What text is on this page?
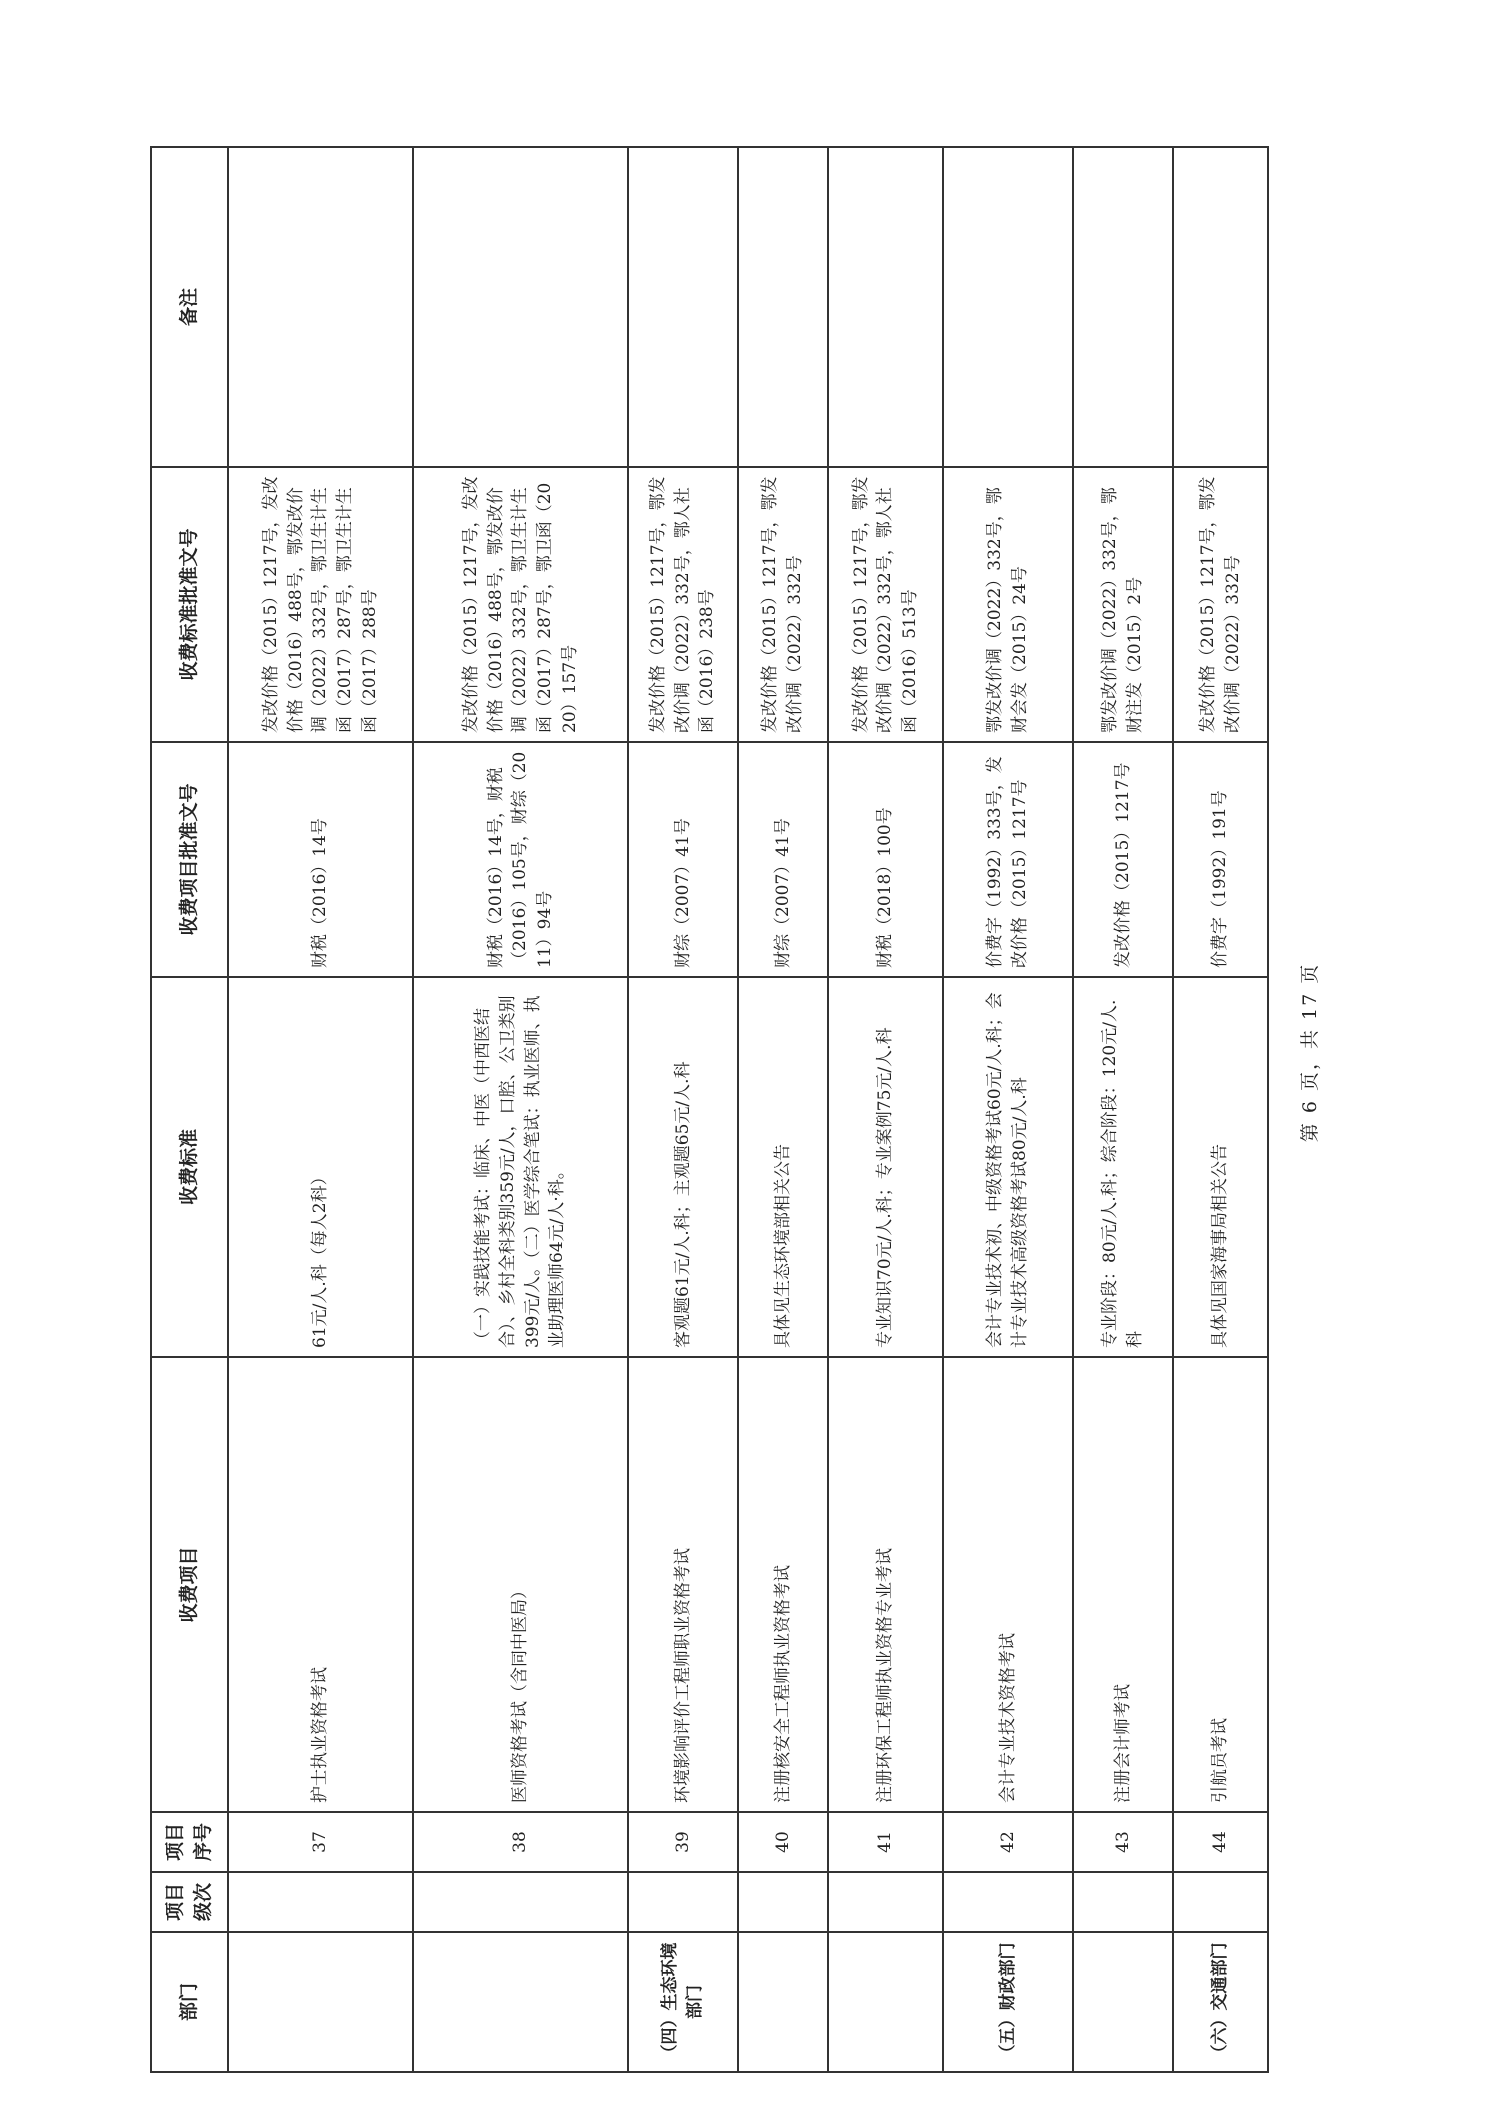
部门	项目级次	项目序号	收费项目	收费标准	收费项目批准文号	收费标准批准文号	备注
		37	护士执业资格考试	61元/人.科（每人2科）	财税（2016）14号	发改价格（2015）1217号，发改价格（2016）488号，鄂发改价调（2022）332号，鄂卫生计生函（2017）287号，鄂卫生计生函（2017）288号	
		38	医师资格考试（含同中医局）	（一）实践技能考试：临床、中医（中西医结合）、乡村全科类别359元/人，口腔、公卫类别399元/人。（二）医学综合笔试：执业医师、执业助理医师64元/人·科。	财税（2016）14号，财税（2016）105号，财综（2011）94号	发改价格（2015）1217号，发改价格（2016）488号，鄂发改价调（2022）332号，鄂卫生计生函（2017）287号，鄂卫函（2020）157号	
（四）生态环境部门		39	环境影响评价工程师职业资格考试	客观题61元/人.科；主观题65元/人.科	财综（2007）41号	发改价格（2015）1217号，鄂发改价调（2022）332号，鄂人社函（2016）238号	
		40	注册核安全工程师执业资格考试	具体见生态环境部相关公告	财综（2007）41号	发改价格（2015）1217号，鄂发改价调（2022）332号	
		41	注册环保工程师执业资格专业考试	专业知识70元/人.科；专业案例75元/人.科	财税（2018）100号	发改价格（2015）1217号，鄂发改价调（2022）332号，鄂人社函（2016）513号	
（五）财政部门		42	会计专业技术资格考试	会计专业技术初、中级资格考试60元/人.科；会计专业技术高级资格考试80元/人.科	价费字（1992）333号，发改价格（2015）1217号	鄂发改价调（2022）332号，鄂财会发（2015）24号	
		43	注册会计师考试	专业阶段：80元/人.科；综合阶段：120元/人.科	发改价格（2015）1217号	鄂发改价调（2022）332号，鄂财注发（2015）2号	
（六）交通部门		44	引航员考试	具体见国家海事局相关公告	价费字（1992）191号	发改价格（2015）1217号，鄂发改价调（2022）332号	
第 6 页，共 17 页
